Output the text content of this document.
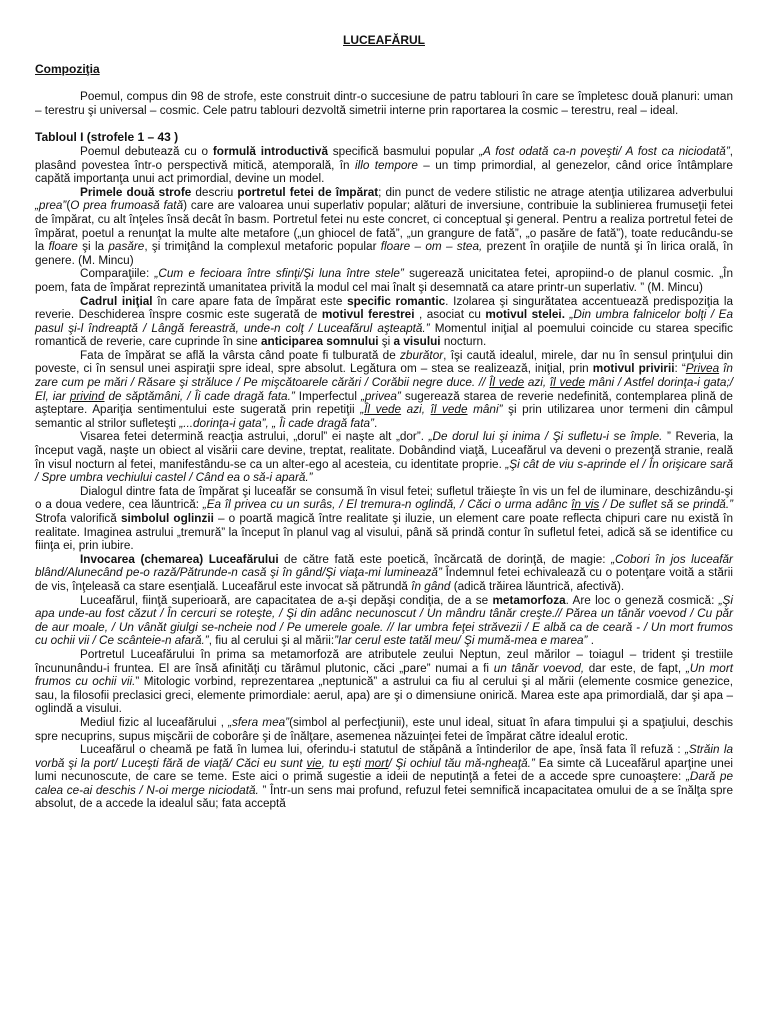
LUCEAFĂRUL
Compoziţia

Poemul, compus din 98 de strofe, este construit dintr-o succesiune de patru tablouri în care se împletesc două planuri: uman – terestru şi universal – cosmic. Cele patru tablouri dezvoltă simetrii interne prin raportarea la cosmic – terestru, real – ideal.

Tabloul I (strofele 1 – 43 )

Poemul debutează cu o formulă introductivă specifică basmului popular „A fost odată ca-n poveşti/ A fost ca niciodată”, plasând povestea într-o perspectivă mitică, atemporală, în illo tempore – un timp primordial, al genezelor, când orice întâmplare capătă importanţa unui act primordial, devine un model.

Primele două strofe descriu portretul fetei de împărat; din punct de vedere stilistic ne atrage atenţia utilizarea adverbului „prea”(O prea frumoasă fată) care are valoarea unui superlativ popular; alături de inversiune, contribuie la sublinierea frumuseţii fetei de împărat, cu alt înţeles însă decât în basm. Portretul fetei nu este concret, ci conceptual şi general. Pentru a realiza portretul fetei de împărat, poetul a renunţat la multe alte metafore („un ghiocel de fată”, „un grangure de fată”, „o pasăre de fată”), toate reducându-se la floare şi la pasăre, şi trimiţând la complexul metaforic popular floare – om – stea, prezent în oraţiile de nuntă şi în lirica orală, în genere. (M. Mincu)

Comparaţiile: „Cum e fecioara între sfinţi/Şi luna între stele” sugerează unicitatea fetei, apropiind-o de planul cosmic. „În poem, fata de împărat reprezintă umanitatea privită la modul cel mai înalt şi desemnată ca atare printr-un superlativ. ” (M. Mincu)

Cadrul iniţial în care apare fata de împărat este specific romantic. Izolarea şi singurătatea accentuează predispoziţia la reverie. Deschiderea înspre cosmic este sugerată de motivul ferestrei , asociat cu motivul stelei. „Din umbra falnicelor bolţi / Ea pasul şi-l îndreaptă / Lângă fereastră, unde-n colţ / Luceafărul aşteaptă.” Momentul iniţial al poemului coincide cu starea specific romantică de reverie, care cuprinde în sine anticiparea somnului şi a visului nocturn.

Fata de împărat se află la vârsta când poate fi tulburată de zburător, îşi caută idealul, mirele, dar nu în sensul prinţului din poveste, ci în sensul unei aspiraţii spre ideal, spre absolut. Legătura om – stea se realizează, iniţial, prin motivul privirii: “Privea în zare cum pe mări / Răsare şi străluce / Pe mişcătoarele cărări / Corăbii negre duce. // Îl vede azi, îl vede mâni / Astfel dorinţa-i gata;/ El, iar privind de săptămâni, / Îi cade dragă fata.” Imperfectul „privea” sugerează starea de reverie nedefinită, contemplarea plină de aşteptare. Apariţia sentimentului este sugerată prin repetiţii „Îl vede azi, îl vede mâni” şi prin utilizarea unor termeni din câmpul semantic al strilor sufleteşti „...dorinţa-i gata”, „ Îi cade dragă fata”.

Visarea fetei determină reacţia astrului, „dorul” ei naşte alt „dor”. „De dorul lui şi inima / Şi sufletu-i se împle. ” Reveria, la început vagă, naşte un obiect al visării care devine, treptat, realitate. Dobândind viaţă, Luceafărul va deveni o prezenţă stranie, reală în visul nocturn al fetei, manifestându-se ca un alter-ego al acesteia, cu identitate proprie. „Şi cât de viu s-aprinde el / În orişicare sară / Spre umbra vechiului castel / Când ea o să-i apară.”

Dialogul dintre fata de împărat şi luceafăr se consumă în visul fetei; sufletul trăieşte în vis un fel de iluminare, deschizându-şi o a doua vedere, cea lăuntrică: „Ea îl privea cu un surâs, / El tremura-n oglindă, / Căci o urma adânc în vis / De suflet să se prindă.” Strofa valorifică simbolul oglinzii – o poartă magică între realitate şi iluzie, un element care poate reflecta chipuri care nu există în realitate. Imaginea astrului „tremură” la început în planul vag al visului, până să prindă contur în sufletul fetei, adică să se identifice cu fiinţa ei, prin iubire.

Invocarea (chemarea) Luceafărului de către fată este poetică, încărcată de dorinţă, de magie: „Cobori în jos luceafăr blând/Alunecând pe-o rază/Pătrunde-n casă şi în gând/Şi viaţa-mi luminează” Îndemnul fetei echivalează cu o potenţare voită a stării de vis, înţeleasă ca stare esenţială. Luceafărul este invocat să pătrundă în gând (adică trăirea lăuntrică, afectivă).

Luceafărul, fiinţă superioară, are capacitatea de a-şi depăşi condiţia, de a se metamorfoza. Are loc o geneză cosmică: „Şi apa unde-au fost căzut / În cercuri se roteşte, / Şi din adânc necunoscut / Un mândru tânăr creşte.// Părea un tânăr voevod / Cu păr de aur moale, / Un vânăt giulgi se-ncheie nod / Pe umerele goale. // Iar umbra feţei străvezii / E albă ca de ceară - / Un mort frumos cu ochii vii / Ce scânteie-n afară.”, fiu al cerului şi al mării:”Iar cerul este tatăl meu/ Şi mumă-mea e marea” .

Portretul Luceafărului în prima sa metamorfoză are atributele zeului Neptun, zeul mărilor – toiagul – trident şi trestiile încununându-i fruntea. El are însă afinităţi cu tărâmul plutonic, căci „pare” numai a fi un tânăr voevod, dar este, de fapt, „Un mort frumos cu ochii vii.” Mitologic vorbind, reprezentarea „neptunică” a astrului ca fiu al cerului şi al mării (elemente cosmice genezice, sau, la filosofii preclasici greci, elemente primordiale: aerul, apa) are şi o dimensiune onirică. Marea este apa primordială, dar şi apa – oglindă a visului.

Mediul fizic al luceafărului , „sfera mea”(simbol al perfecţiunii), este unul ideal, situat în afara timpului şi a spaţiului, deschis spre necuprins, supus mişcării de coborâre şi de înălţare, asemenea năzuinţei fetei de împărat către idealul erotic.

Luceafărul o cheamă pe fată în lumea lui, oferindu-i statutul de stăpână a întinderilor de ape, însă fata îl refuză : „Străin la vorbă şi la port/ Luceşti fără de viaţă/ Căci eu sunt vie, tu eşti mort/ Şi ochiul tău mă-ngheaţă.” Ea simte că Luceafărul aparţine unei lumi necunoscute, de care se teme. Este aici o primă sugestie a ideii de neputinţă a fetei de a accede spre cunoaştere: „Dară pe calea ce-ai deschis / N-oi merge niciodată. ” Într-un sens mai profund, refuzul fetei semnifică incapacitatea omului de a se înălţa spre absolut, de a accede la idealul său; fata acceptă
